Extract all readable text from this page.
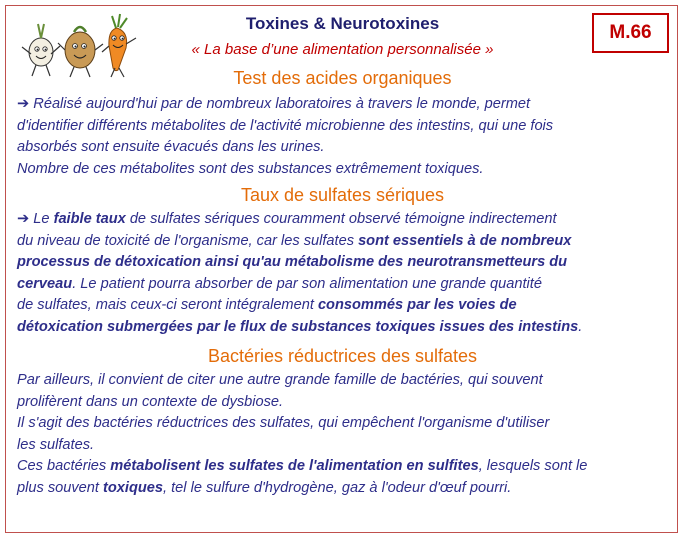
Toxines & Neurotoxines
« La base d’une alimentation personnalisée »
M.66
Test des acides organiques

➔ Réalisé aujourd'hui par de nombreux laboratoires à travers le monde, permet
d'identifier différents métabolites de l'activité microbienne des intestins, qui une fois
absorbés sont ensuite évacués dans les urines.
Nombre de ces métabolites sont des substances extrêmement toxiques.

Taux de sulfates sériques

➔ Le faible taux de sulfates sériques couramment observé témoigne indirectement
du niveau de toxicité de l'organisme, car les sulfates sont essentiels à de nombreux
processus de détoxication ainsi qu'au métabolisme des neurotransmetteurs du
cerveau. Le patient pourra absorber de par son alimentation une grande quantité
de sulfates, mais ceux-ci seront intégralement consommés par les voies de
détoxication submergées par le flux de substances toxiques issues des intestins.

Bactéries réductrices des sulfates

Par ailleurs, il convient de citer une autre grande famille de bactéries, qui souvent
prolifèrent dans un contexte de dysbiose.
Il s'agit des bactéries réductrices des sulfates, qui empêchent l'organisme d'utiliser
les sulfates.
Ces bactéries métabolisent les sulfates de l'alimentation en sulfites, lesquels sont le
plus souvent toxiques, tel le sulfure d'hydrogène, gaz à l'odeur d'œuf pourri.
